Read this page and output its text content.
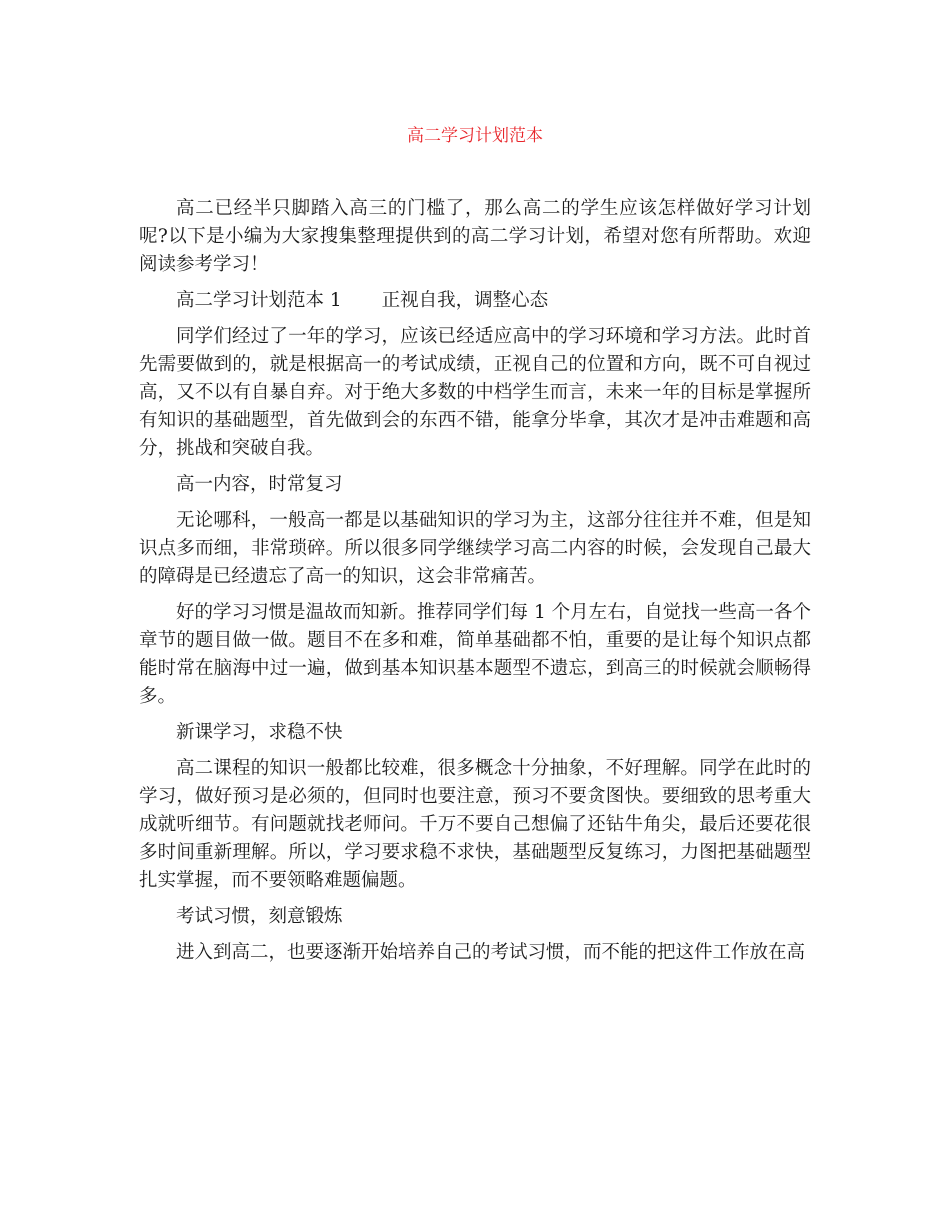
高二学习计划范本

高二已经半只脚踏入高三的门槛了，那么高二的学生应该怎样做好学习计划呢?以下是小编为大家搜集整理提供到的高二学习计划，希望对您有所帮助。欢迎阅读参考学习！

高二学习计划范本 1 正视自我，调整心态

同学们经过了一年的学习，应该已经适应高中的学习环境和学习方法。此时首先需要做到的，就是根据高一的考试成绩，正视自己的位置和方向，既不可自视过高，又不以有自暴自弃。对于绝大多数的中档学生而言，未来一年的目标是掌握所有知识的基础题型，首先做到会的东西不错，能拿分毕拿，其次才是冲击难题和高分，挑战和突破自我。

高一内容，时常复习

无论哪科，一般高一都是以基础知识的学习为主，这部分往往并不难，但是知识点多而细，非常琐碎。所以很多同学继续学习高二内容的时候，会发现自己最大的障碍是已经遗忘了高一的知识，这会非常痛苦。

好的学习习惯是温故而知新。推荐同学们每 1 个月左右，自觉找一些高一各个章节的题目做一做。题目不在多和难，简单基础都不怕，重要的是让每个知识点都能时常在脑海中过一遍，做到基本知识基本题型不遗忘，到高三的时候就会顺畅得多。

新课学习，求稳不快

高二课程的知识一般都比较难，很多概念十分抽象，不好理解。同学在此时的学习，做好预习是必须的，但同时也要注意，预习不要贪图快。要细致的思考重大成就听细节。有问题就找老师问。千万不要自己想偏了还钻牛角尖，最后还要花很多时间重新理解。所以，学习要求稳不求快，基础题型反复练习，力图把基础题型扎实掌握，而不要领略难题偏题。

考试习惯，刻意锻炼

进入到高二，也要逐渐开始培养自己的考试习惯，而不能的把这件工作放在高
